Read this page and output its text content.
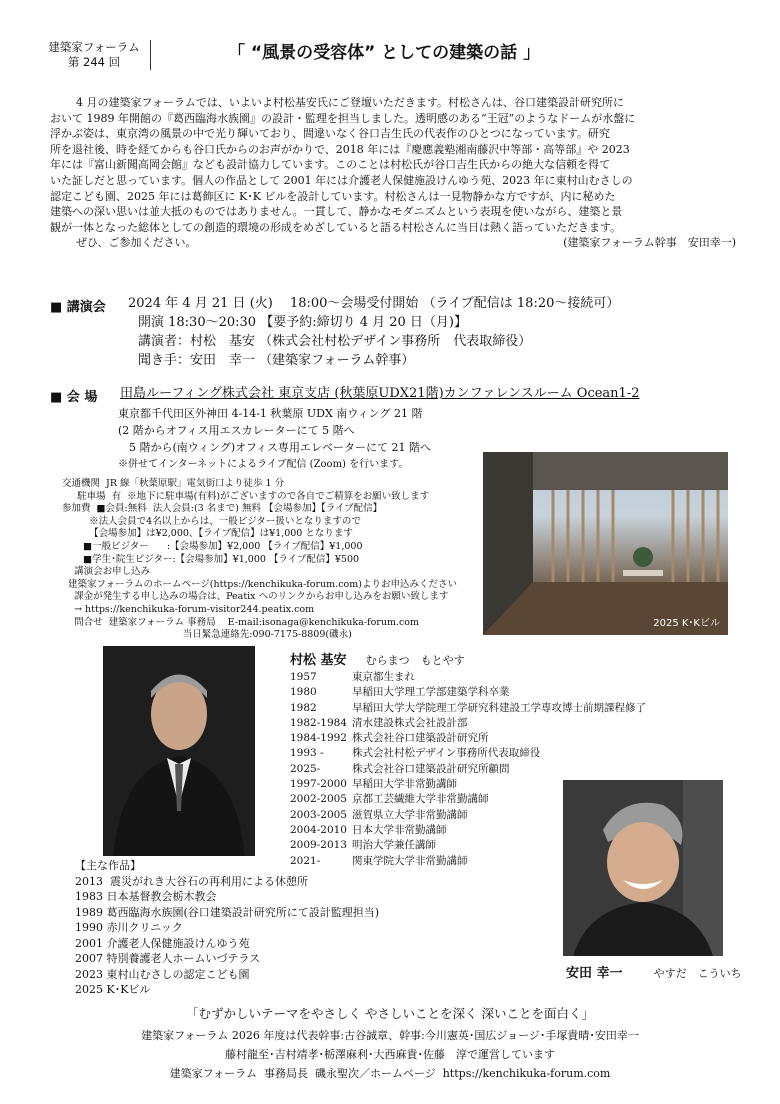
建築家フォーラム
第 244 回	「 “風景の受容体” としての建築の話 」
4 月の建築家フォーラムでは、いよいよ村松基安氏にご登壇いただきます。村松さんは、谷口建築設計研究所に
おいて 1989 年開館の『葛西臨海水族園』の設計・監理を担当しました。透明感のある“王冠”のようなドームが水盤に
浮かぶ姿は、東京湾の風景の中で光り輝いており、間違いなく谷口吉生氏の代表作のひとつになっています。研究
所を退社後、時を経てからも谷口氏からのお声がかりで、2018 年には『慶應義塾湘南藤沢中等部・高等部』や 2023
年には『富山新聞高岡会館』なども設計協力しています。このことは村松氏が谷口吉生氏からの絶大な信頼を得て
いた証しだと思っています。個人の作品として 2001 年には介護老人保健施設けんゆう苑、2023 年に東村山むさしの
認定こども園、2025 年には葛飾区に K･K ビルを設計しています。村松さんは一見物静かな方ですが、内に秘めた
建築への深い思いは並大抵のものではありません。一貫して、静かなモダニズムという表現を使いながら、建築と景
観が一体となった総体としての創造的環境の形成をめざしていると語る村松さんに当日は熱く語っていただきます。
ぜひ、ご参加ください。	(建築家フォーラム幹事　安田幸一)
■ 講演会 2024 年 4 月 21 日 (火)　 18:00～会場受付開始 （ライブ配信は 18:20～接続可）
開演 18:30～20:30 【要予約:締切り 4 月 20 日（月)】
講演者：村松　基安 （株式会社村松デザイン事務所　代表取締役）
聞き手：安田　幸一 （建築家フォーラム幹事）
■ 会 場 田島ルーフィング株式会社 東京支店 (秋葉原UDX21階)カンファレンスルーム Ocean1-2
東京都千代田区外神田 4-14-1 秋葉原 UDX 南ウィング 21 階
(2 階からオフィス用エスカレーターにて 5 階へ
　5 階から(南ウィング)オフィス専用エレベーターにて 21 階へ
※併せてインターネットによるライブ配信 (Zoom) を行います。
交通機関  JR 線「秋葉原駅」電気街口より徒歩 1 分
駐車場  有  ※地下に駐車場(有料)がございますので各自でご精算をお願い致します
参加費  ■会員:無料  法人会員:(3 名まで) 無料 【会場参加】【ライブ配信】
※法人会員で4名以上からは、一般ビジター扱いとなりますので
【会場参加】は¥2,000、【ライブ配信】は¥1,000 となります
■一般ビジター      :【会場参加】¥2,000 【ライブ配信】¥1,000
■学生･院生ビジター:【会場参加】¥1,000 【ライブ配信】¥500
講演会お申し込み
建築家フォーラムのホームページ(https://kenchikuka-forum.com)よりお申込みください
課金が発生する申し込みの場合は、Peatix へのリンクからお申し込みをお願い致します
→ https://kenchikuka-forum-visitor244.peatix.com
問合せ  建築家フォーラム 事務局    E-mail:isonaga@kenchikuka-forum.com
当日緊急連絡先:090-7175-8809(磯永)
2025 K･Kビル
村松 基安 むらまつ　もとやす
1957	東京都生まれ
1980	早稲田大学理工学部建築学科卒業
1982	早稲田大学大学院理工学研究科建設工学専攻博士前期課程修了
1982-1984 清水建設株式会社設計部
1984-1992 株式会社谷口建築設計研究所
1993 -	株式会社村松デザイン事務所代表取締役
2025-	株式会社谷口建築設計研究所顧問
1997-2000 早稲田大学非常勤講師
2002-2005 京都工芸繊維大学非常勤講師
2003-2005 滋賀県立大学非常勤講師
2004-2010 日本大学非常勤講師
2009-2013 明治大学兼任講師
2021-	関東学院大学非常勤講師
【主な作品】
2013  震災がれき大谷石の再利用による休憩所
1983 日本基督教会栃木教会
1989 葛西臨海水族園(谷口建築設計研究所にて設計監理担当)
1990 赤川クリニック
2001 介護老人保健施設けんゆう苑
2007 特別養護老人ホームいづテラス
2023 東村山むさしの認定こども園
2025 K･Kビル
安田 幸一	やすだ　こういち
「むずかしいテーマをやさしく やさしいことを深く 深いことを面白く」
建築家フォーラム 2026 年度は代表幹事:古谷誠章、幹事:今川憲英･国広ジョージ･手塚貴晴･安田幸一
藤村龍至･吉村靖孝･栃澤麻利･大西麻貴･佐藤　淳で運営しています
建築家フォーラム  事務局長  磯永聖次／ホームページ  https://kenchikuka-forum.com
